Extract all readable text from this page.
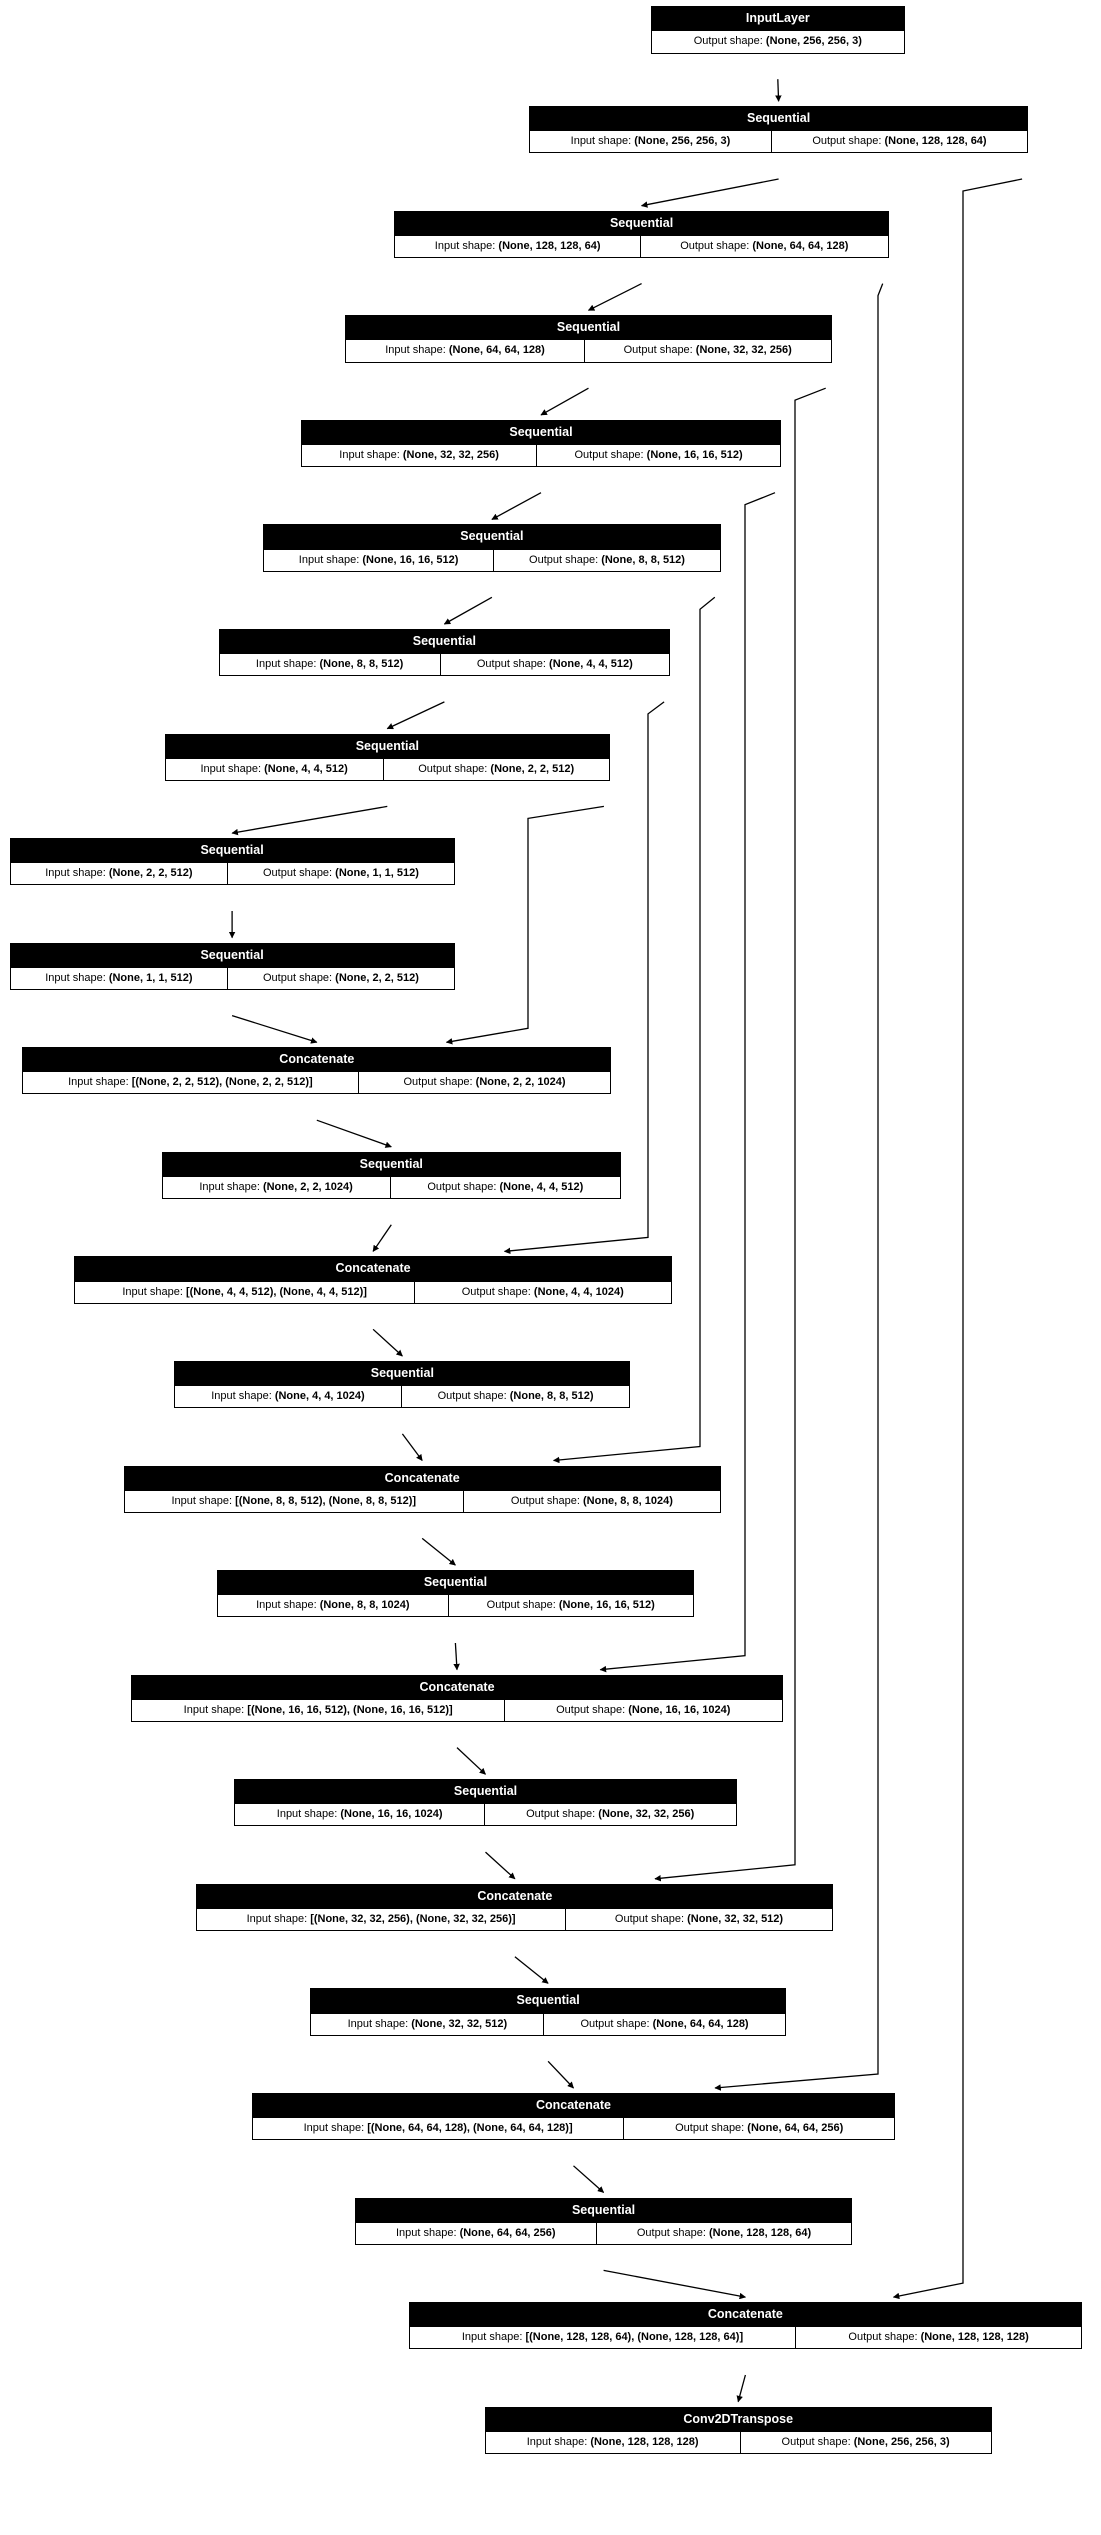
InputLayer
Output shape: (None, 256, 256, 3)
Sequential
Input shape: (None, 256, 256, 3)	Output shape: (None, 128, 128, 64)
Sequential
Input shape: (None, 128, 128, 64)	Output shape: (None, 64, 64, 128)
Sequential
Input shape: (None, 64, 64, 128)	Output shape: (None, 32, 32, 256)
Sequential
Input shape: (None, 32, 32, 256)	Output shape: (None, 16, 16, 512)
Sequential
Input shape: (None, 16, 16, 512)	Output shape: (None, 8, 8, 512)
Sequential
Input shape: (None, 8, 8, 512)	Output shape: (None, 4, 4, 512)
Sequential
Input shape: (None, 4, 4, 512)	Output shape: (None, 2, 2, 512)
Sequential
Input shape: (None, 2, 2, 512)	Output shape: (None, 1, 1, 512)
Sequential
Input shape: (None, 1, 1, 512)	Output shape: (None, 2, 2, 512)
Concatenate
Input shape: [(None, 2, 2, 512), (None, 2, 2, 512)]	Output shape: (None, 2, 2, 1024)
Sequential
Input shape: (None, 2, 2, 1024)	Output shape: (None, 4, 4, 512)
Concatenate
Input shape: [(None, 4, 4, 512), (None, 4, 4, 512)]	Output shape: (None, 4, 4, 1024)
Sequential
Input shape: (None, 4, 4, 1024)	Output shape: (None, 8, 8, 512)
Concatenate
Input shape: [(None, 8, 8, 512), (None, 8, 8, 512)]	Output shape: (None, 8, 8, 1024)
Sequential
Input shape: (None, 8, 8, 1024)	Output shape: (None, 16, 16, 512)
Concatenate
Input shape: [(None, 16, 16, 512), (None, 16, 16, 512)]	Output shape: (None, 16, 16, 1024)
Sequential
Input shape: (None, 16, 16, 1024)	Output shape: (None, 32, 32, 256)
Concatenate
Input shape: [(None, 32, 32, 256), (None, 32, 32, 256)]	Output shape: (None, 32, 32, 512)
Sequential
Input shape: (None, 32, 32, 512)	Output shape: (None, 64, 64, 128)
Concatenate
Input shape: [(None, 64, 64, 128), (None, 64, 64, 128)]	Output shape: (None, 64, 64, 256)
Sequential
Input shape: (None, 64, 64, 256)	Output shape: (None, 128, 128, 64)
Concatenate
Input shape: [(None, 128, 128, 64), (None, 128, 128, 64)]	Output shape: (None, 128, 128, 128)
Conv2DTranspose
Input shape: (None, 128, 128, 128)	Output shape: (None, 256, 256, 3)
